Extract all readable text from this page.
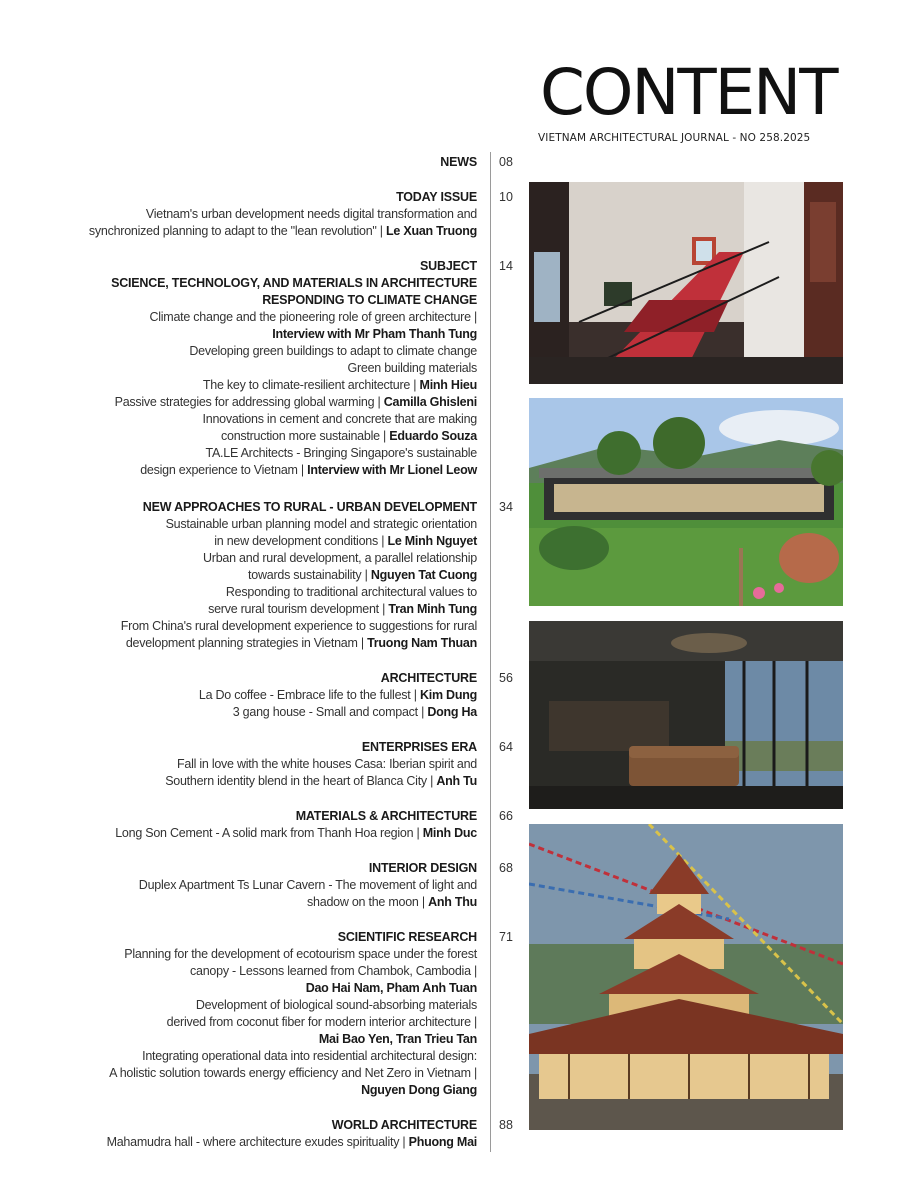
CONTENT
VIETNAM ARCHITECTURAL JOURNAL - NO 258.2025
NEWS 08
TODAY ISSUE
Vietnam's urban development needs digital transformation and
synchronized planning to adapt to the "lean revolution" | Le Xuan Truong
10
SUBJECT
SCIENCE, TECHNOLOGY, AND MATERIALS IN ARCHITECTURE
RESPONDING TO CLIMATE CHANGE
Climate change and the pioneering role of green architecture |
Interview with Mr Pham Thanh Tung
Developing green buildings to adapt to climate change
Green building materials
The key to climate-resilient architecture | Minh Hieu
Passive strategies for addressing global warming | Camilla Ghisleni
Innovations in cement and concrete that are making
construction more sustainable | Eduardo Souza
TA.LE Architects - Bringing Singapore's sustainable
design experience to Vietnam | Interview with Mr Lionel Leow
14
NEW APPROACHES TO RURAL - URBAN DEVELOPMENT
Sustainable urban planning model and strategic orientation
in new development conditions | Le Minh Nguyet
Urban and rural development, a parallel relationship
towards sustainability | Nguyen Tat Cuong
Responding to traditional architectural values to
serve rural tourism development | Tran Minh Tung
From China's rural development experience to suggestions for rural
development planning strategies in Vietnam | Truong Nam Thuan
34
ARCHITECTURE
La Do coffee - Embrace life to the fullest | Kim Dung
3 gang house - Small and compact | Dong Ha
56
ENTERPRISES ERA
Fall in love with the white houses Casa: Iberian spirit and
Southern identity blend in the heart of Blanca City | Anh Tu
64
MATERIALS & ARCHITECTURE
Long Son Cement - A solid mark from Thanh Hoa region | Minh Duc
66
INTERIOR DESIGN
Duplex Apartment Ts Lunar Cavern - The movement of light and
shadow on the moon | Anh Thu
68
SCIENTIFIC RESEARCH
Planning for the development of ecotourism space under the forest
canopy - Lessons learned from Chambok, Cambodia |
Dao Hai Nam, Pham Anh Tuan
Development of biological sound-absorbing materials
derived from coconut fiber for modern interior architecture |
Mai Bao Yen, Tran Trieu Tan
Integrating operational data into residential architectural design:
A holistic solution towards energy efficiency and Net Zero in Vietnam |
Nguyen Dong Giang
71
WORLD ARCHITECTURE
Mahamudra hall - where architecture exudes spirituality | Phuong Mai
88
